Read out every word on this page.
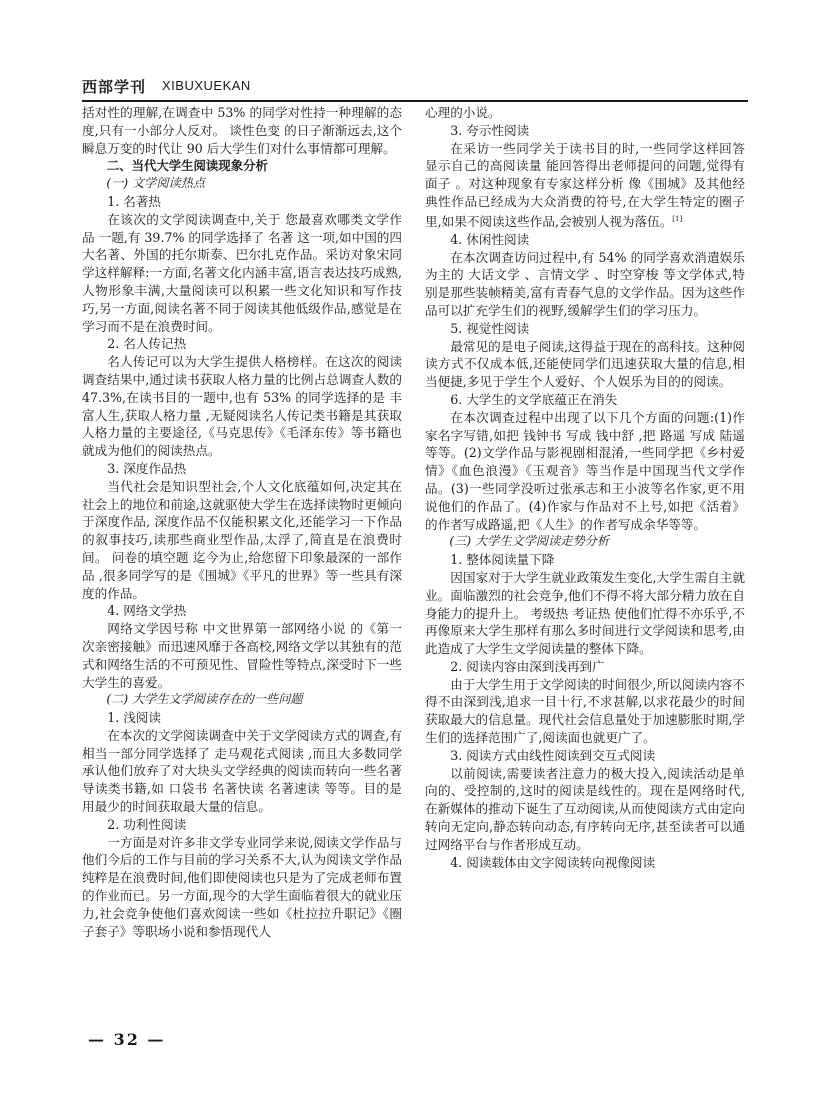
西部学刊 XIBUXUEKAN

括对性的理解,在调查中 53% 的同学对性持一种理解的态度,只有一小部分人反对。 谈性色变 的日子渐渐远去,这个瞬息万变的时代让 90 后大学生们对什么事情都可理解。

二、当代大学生阅读现象分析

(一) 文学阅读热点

1. 名著热

在该次的文学阅读调查中,关于 您最喜欢哪类文学作品 一题,有 39.7% 的同学选择了 名著 这一项,如中国的四大名著、外国的托尔斯泰、巴尔扎克作品。采访对象宋同学这样解释:一方面,名著文化内涵丰富,语言表达技巧成熟,人物形象丰满,大量阅读可以积累一些文化知识和写作技巧,另一方面,阅读名著不同于阅读其他低级作品,感觉是在学习而不是在浪费时间。

2. 名人传记热

名人传记可以为大学生提供人格榜样。在这次的阅读调查结果中,通过读书获取人格力量的比例占总调查人数的 47.3%,在读书目的一题中,也有 53% 的同学选择的是 丰富人生,获取人格力量 ,无疑阅读名人传记类书籍是其获取人格力量的主要途径,《马克思传》《毛泽东传》等书籍也就成为他们的阅读热点。

3. 深度作品热

当代社会是知识型社会,个人文化底蕴如何,决定其在社会上的地位和前途,这就驱使大学生在选择读物时更倾向于深度作品, 深度作品不仅能积累文化,还能学习一下作品的叙事技巧,读那些商业型作品,太浮了,简直是在浪费时间。 问卷的填空题 迄今为止,给您留下印象最深的一部作品 ,很多同学写的是《围城》《平凡的世界》等一些具有深度的作品。

4. 网络文学热

网络文学因号称 中文世界第一部网络小说 的《第一次亲密接触》而迅速风靡于各高校,网络文学以其独有的范式和网络生活的不可预见性、冒险性等特点,深受时下一些大学生的喜爱。

(二) 大学生文学阅读存在的一些问题

1. 浅阅读

在本次的文学阅读调查中关于文学阅读方式的调查,有相当一部分同学选择了 走马观花式阅读 ,而且大多数同学承认他们放弃了对大块头文学经典的阅读而转向一些名著导读类书籍,如 口袋书 名著快读 名著速读 等等。目的是用最少的时间获取最大量的信息。

2. 功利性阅读

一方面是对许多非文学专业同学来说,阅读文学作品与他们今后的工作与目前的学习关系不大,认为阅读文学作品纯粹是在浪费时间,他们即使阅读也只是为了完成老师布置的作业而已。另一方面,现今的大学生面临着很大的就业压力,社会竞争使他们喜欢阅读一些如《杜拉拉升职记》《圈子套子》等职场小说和参悟现代人

心理的小说。

3. 夸示性阅读

在采访一些同学关于读书目的时,一些同学这样回答 显示自己的高阅读量 能回答得出老师提问的问题,觉得有面子 。对这种现象有专家这样分析 像《围城》及其他经典性作品已经成为大众消费的符号,在大学生特定的圈子里,如果不阅读这些作品,会被别人视为落伍。[1]

4. 休闲性阅读

在本次调查访问过程中,有 54% 的同学喜欢消遣娱乐为主的 大话文学 、言情文学 、时空穿梭 等文学体式,特别是那些装帧精美,富有青春气息的文学作品。因为这些作品可以扩充学生们的视野,缓解学生们的学习压力。

5. 视觉性阅读

最常见的是电子阅读,这得益于现在的高科技。这种阅读方式不仅成本低,还能使同学们迅速获取大量的信息,相当便捷,多见于学生个人爱好、个人娱乐为目的的阅读。

6. 大学生的文学底蕴正在消失

在本次调查过程中出现了以下几个方面的问题:(1)作家名字写错,如把 钱钟书 写成 钱中舒 ,把 路遥 写成 陆遥 等等。(2)文学作品与影视剧相混淆,一些同学把《乡村爱情》《血色浪漫》《玉观音》等当作是中国现当代文学作品。(3)一些同学没听过张承志和王小波等名作家,更不用说他们的作品了。(4)作家与作品对不上号,如把《活着》的作者写成路遥,把《人生》的作者写成余华等等。

(三) 大学生文学阅读走势分析

1. 整体阅读量下降

因国家对于大学生就业政策发生变化,大学生需自主就业。面临激烈的社会竞争,他们不得不将大部分精力放在自身能力的提升上。 考级热 考证热 使他们忙得不亦乐乎,不再像原来大学生那样有那么多时间进行文学阅读和思考,由此造成了大学生文学阅读量的整体下降。

2. 阅读内容由深到浅再到广

由于大学生用于文学阅读的时间很少,所以阅读内容不得不由深到浅,追求一目十行,不求甚解,以求花最少的时间获取最大的信息量。现代社会信息量处于加速膨胀时期,学生们的选择范围广了,阅读面也就更广了。

3. 阅读方式由线性阅读到交互式阅读

以前阅读,需要读者注意力的极大投入,阅读活动是单向的、受控制的,这时的阅读是线性的。现在是网络时代,在新媒体的推动下诞生了互动阅读,从而使阅读方式由定向转向无定向,静态转向动态,有序转向无序,甚至读者可以通过网络平台与作者形成互动。

4. 阅读载体由文字阅读转向视像阅读

— 32 —
